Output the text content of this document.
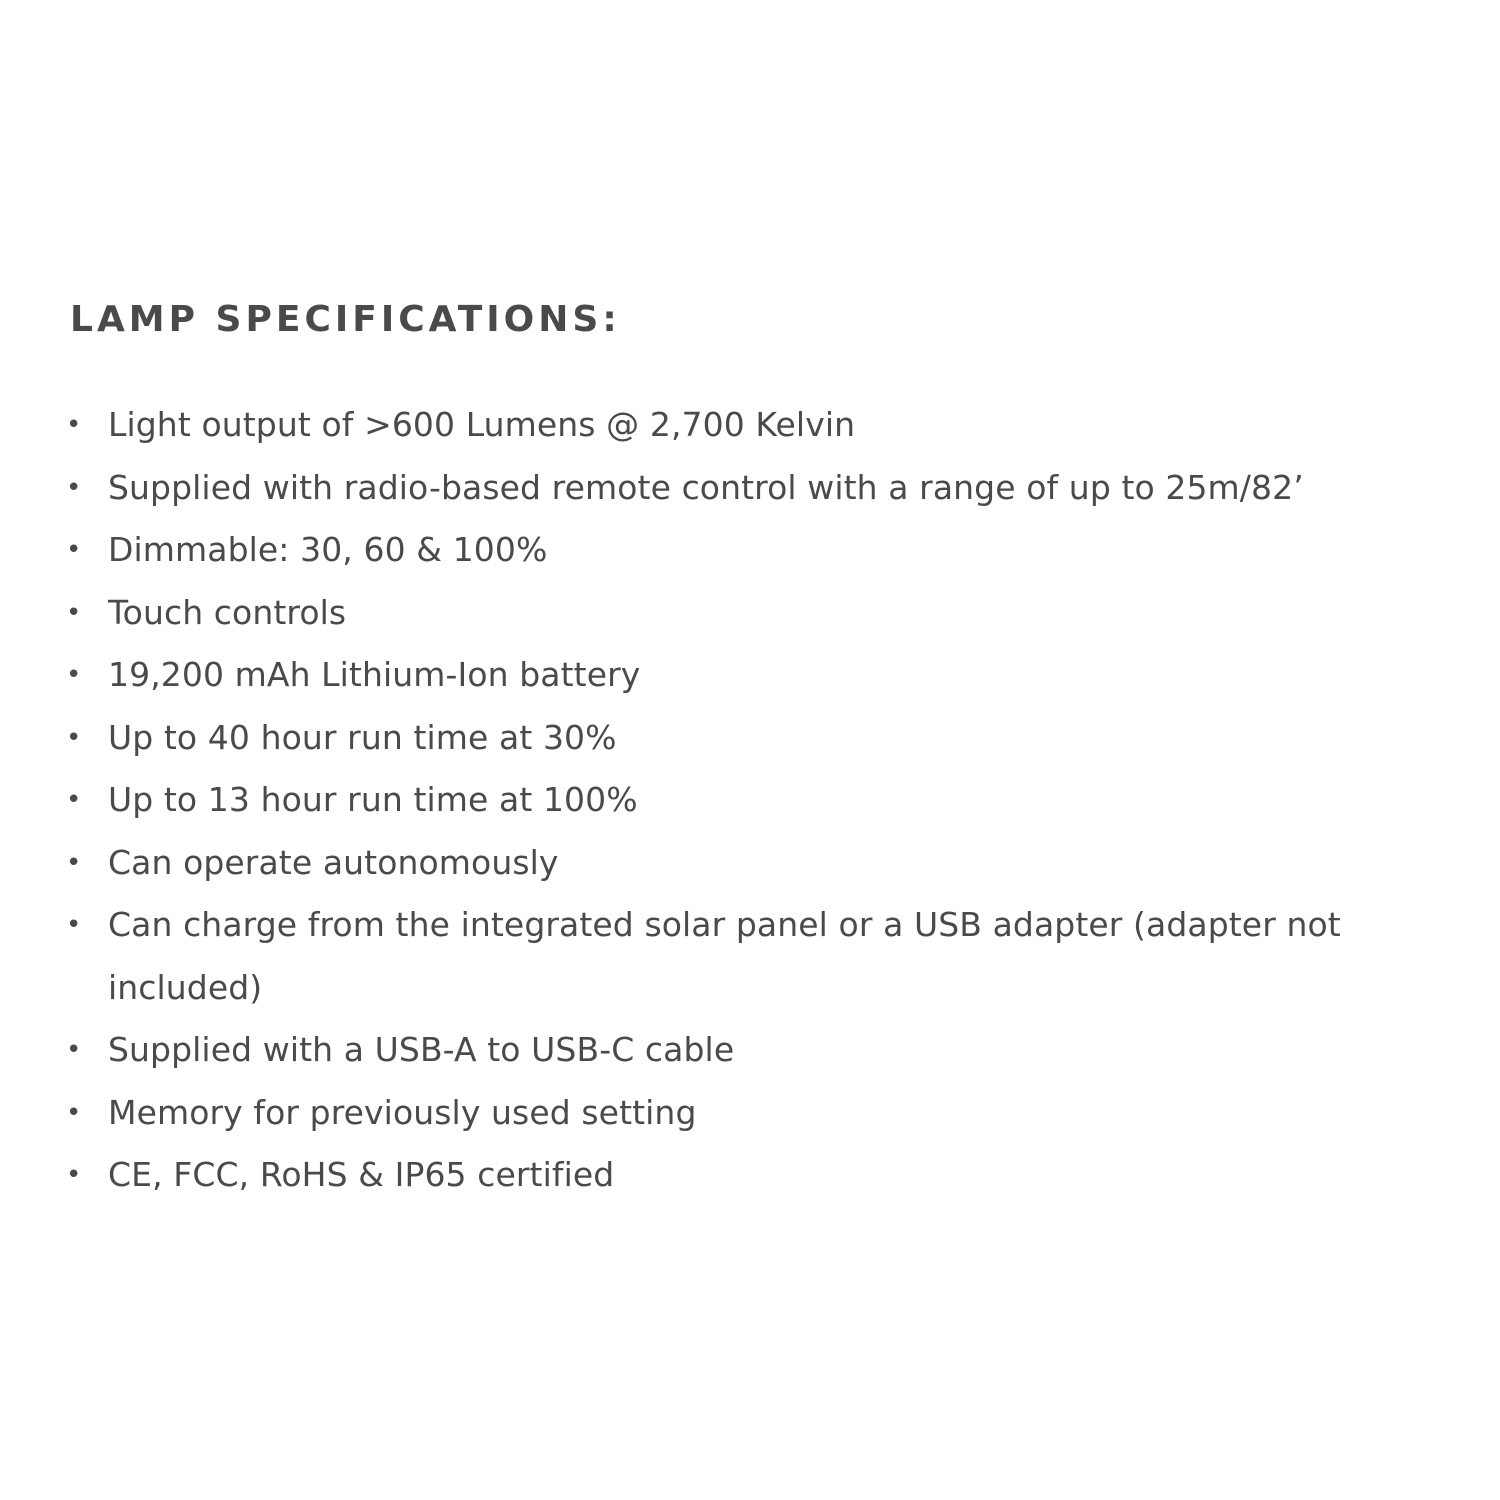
LAMP SPECIFICATIONS:
• Light output of >600 Lumens @ 2,700 Kelvin
• Supplied with radio-based remote control with a range of up to 25m/82’
• Dimmable: 30, 60 & 100%
• Touch controls
• 19,200 mAh Lithium-Ion battery
• Up to 40 hour run time at 30%
• Up to 13 hour run time at 100%
• Can operate autonomously
• Can charge from the integrated solar panel or a USB adapter (adapter not included)
• Supplied with a USB-A to USB-C cable
• Memory for previously used setting
• CE, FCC, RoHS & IP65 certified
